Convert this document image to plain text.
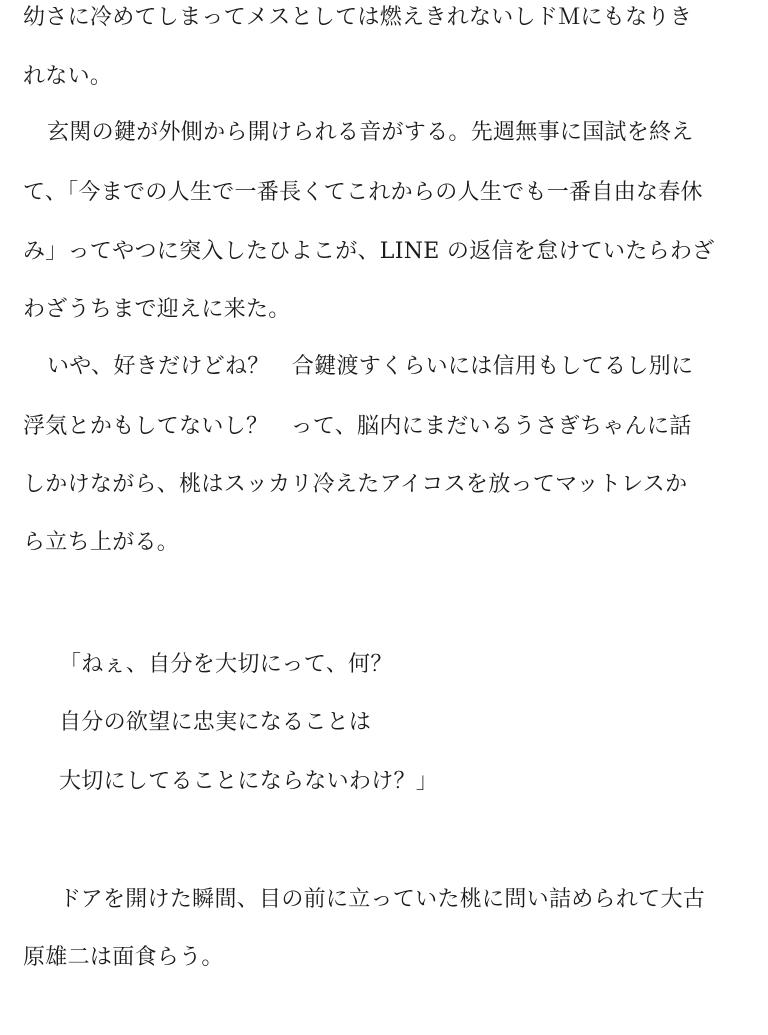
幼さに冷めてしまってメスとしては燃えきれないしドＭにもなりき
れない。
玄関の鍵が外側から開けられる音がする。先週無事に国試を終え
て、「今までの人生で一番長くてこれからの人生でも一番自由な春休
み」ってやつに突入したひよこが、LINE の返信を怠けていたらわざ
わざうちまで迎えに来た。
いや、好きだけどね？　合鍵渡すくらいには信用もしてるし別に
浮気とかもしてないし？　って、脳内にまだいるうさぎちゃんに話
しかけながら、桃はスッカリ冷えたアイコスを放ってマットレスか
ら立ち上がる。
「ねぇ、自分を大切にって、何？
自分の欲望に忠実になることは
大切にしてることにならないわけ？」
ドアを開けた瞬間、目の前に立っていた桃に問い詰められて大古
原雄二は面食らう。
